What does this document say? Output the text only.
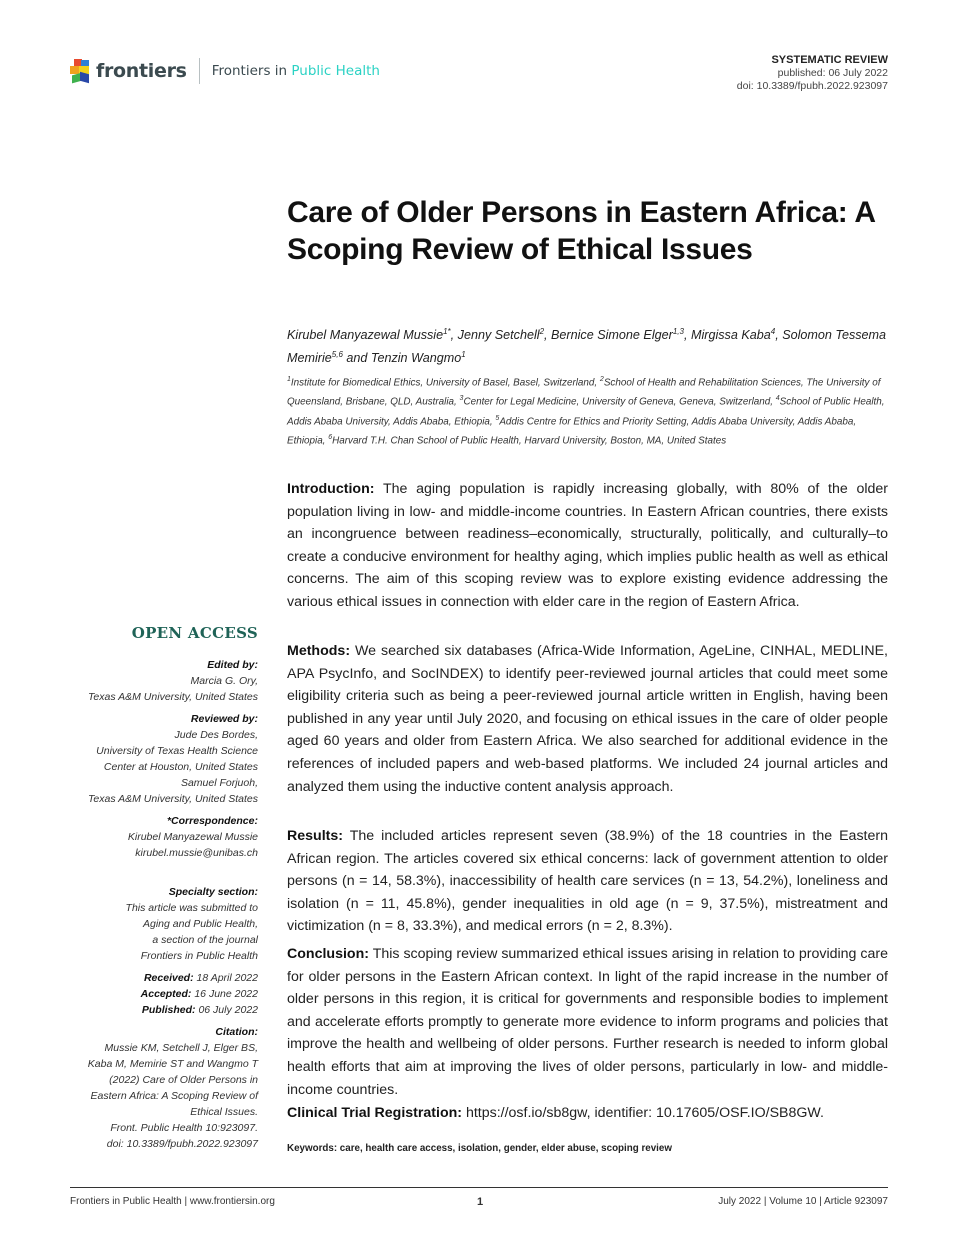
frontiers Frontiers in Public Health
SYSTEMATIC REVIEW
published: 06 July 2022
doi: 10.3389/fpubh.2022.923097
Care of Older Persons in Eastern Africa: A Scoping Review of Ethical Issues
Kirubel Manyazewal Mussie$^{1*}$, Jenny Setchell$^2$, Bernice Simone Elger$^{1,3}$, Mirgissa Kaba$^4$, Solomon Tessema Memirie$^{5,6}$ and Tenzin Wangmo$^1$
$^1$Institute for Biomedical Ethics, University of Basel, Basel, Switzerland, $^2$School of Health and Rehabilitation Sciences, The University of Queensland, Brisbane, QLD, Australia, $^3$Center for Legal Medicine, University of Geneva, Geneva, Switzerland, $^4$School of Public Health, Addis Ababa University, Addis Ababa, Ethiopia, $^5$Addis Centre for Ethics and Priority Setting, Addis Ababa University, Addis Ababa, Ethiopia, $^6$Harvard T.H. Chan School of Public Health, Harvard University, Boston, MA, United States
OPEN ACCESS
Edited by:
Marcia G. Ory,
Texas A&M University, United States
Reviewed by:
Jude Des Bordes,
University of Texas Health Science
Center at Houston, United States
Samuel Forjuoh,
Texas A&M University, United States
*Correspondence:
Kirubel Manyazewal Mussie
kirubel.mussie@unibas.ch
Specialty section:
This article was submitted to
Aging and Public Health,
a section of the journal
Frontiers in Public Health
Received: 18 April 2022
Accepted: 16 June 2022
Published: 06 July 2022
Citation:
Mussie KM, Setchell J, Elger BS,
Kaba M, Memirie ST and Wangmo T
(2022) Care of Older Persons in
Eastern Africa: A Scoping Review of
Ethical Issues.
Front. Public Health 10:923097.
doi: 10.3389/fpubh.2022.923097

Introduction: The aging population is rapidly increasing globally, with 80% of the older population living in low- and middle-income countries. In Eastern African countries, there exists an incongruence between readiness–economically, structurally, politically, and culturally–to create a conducive environment for healthy aging, which implies public health as well as ethical concerns. The aim of this scoping review was to explore existing evidence addressing the various ethical issues in connection with elder care in the region of Eastern Africa.

Methods: We searched six databases (Africa-Wide Information, AgeLine, CINHAL, MEDLINE, APA PsycInfo, and SocINDEX) to identify peer-reviewed journal articles that could meet some eligibility criteria such as being a peer-reviewed journal article written in English, having been published in any year until July 2020, and focusing on ethical issues in the care of older people aged 60 years and older from Eastern Africa. We also searched for additional evidence in the references of included papers and web-based platforms. We included 24 journal articles and analyzed them using the inductive content analysis approach.

Results: The included articles represent seven (38.9%) of the 18 countries in the Eastern African region. The articles covered six ethical concerns: lack of government attention to older persons (n = 14, 58.3%), inaccessibility of health care services (n = 13, 54.2%), loneliness and isolation (n = 11, 45.8%), gender inequalities in old age (n = 9, 37.5%), mistreatment and victimization (n = 8, 33.3%), and medical errors (n = 2, 8.3%).

Conclusion: This scoping review summarized ethical issues arising in relation to providing care for older persons in the Eastern African context. In light of the rapid increase in the number of older persons in this region, it is critical for governments and responsible bodies to implement and accelerate efforts promptly to generate more evidence to inform programs and policies that improve the health and wellbeing of older persons. Further research is needed to inform global health efforts that aim at improving the lives of older persons, particularly in low- and middle-income countries.

Clinical Trial Registration: https://osf.io/sb8gw, identifier: 10.17605/OSF.IO/SB8GW.
Keywords: care, health care access, isolation, gender, elder abuse, scoping review
Frontiers in Public Health | www.frontiersin.org	1	July 2022 | Volume 10 | Article 923097
